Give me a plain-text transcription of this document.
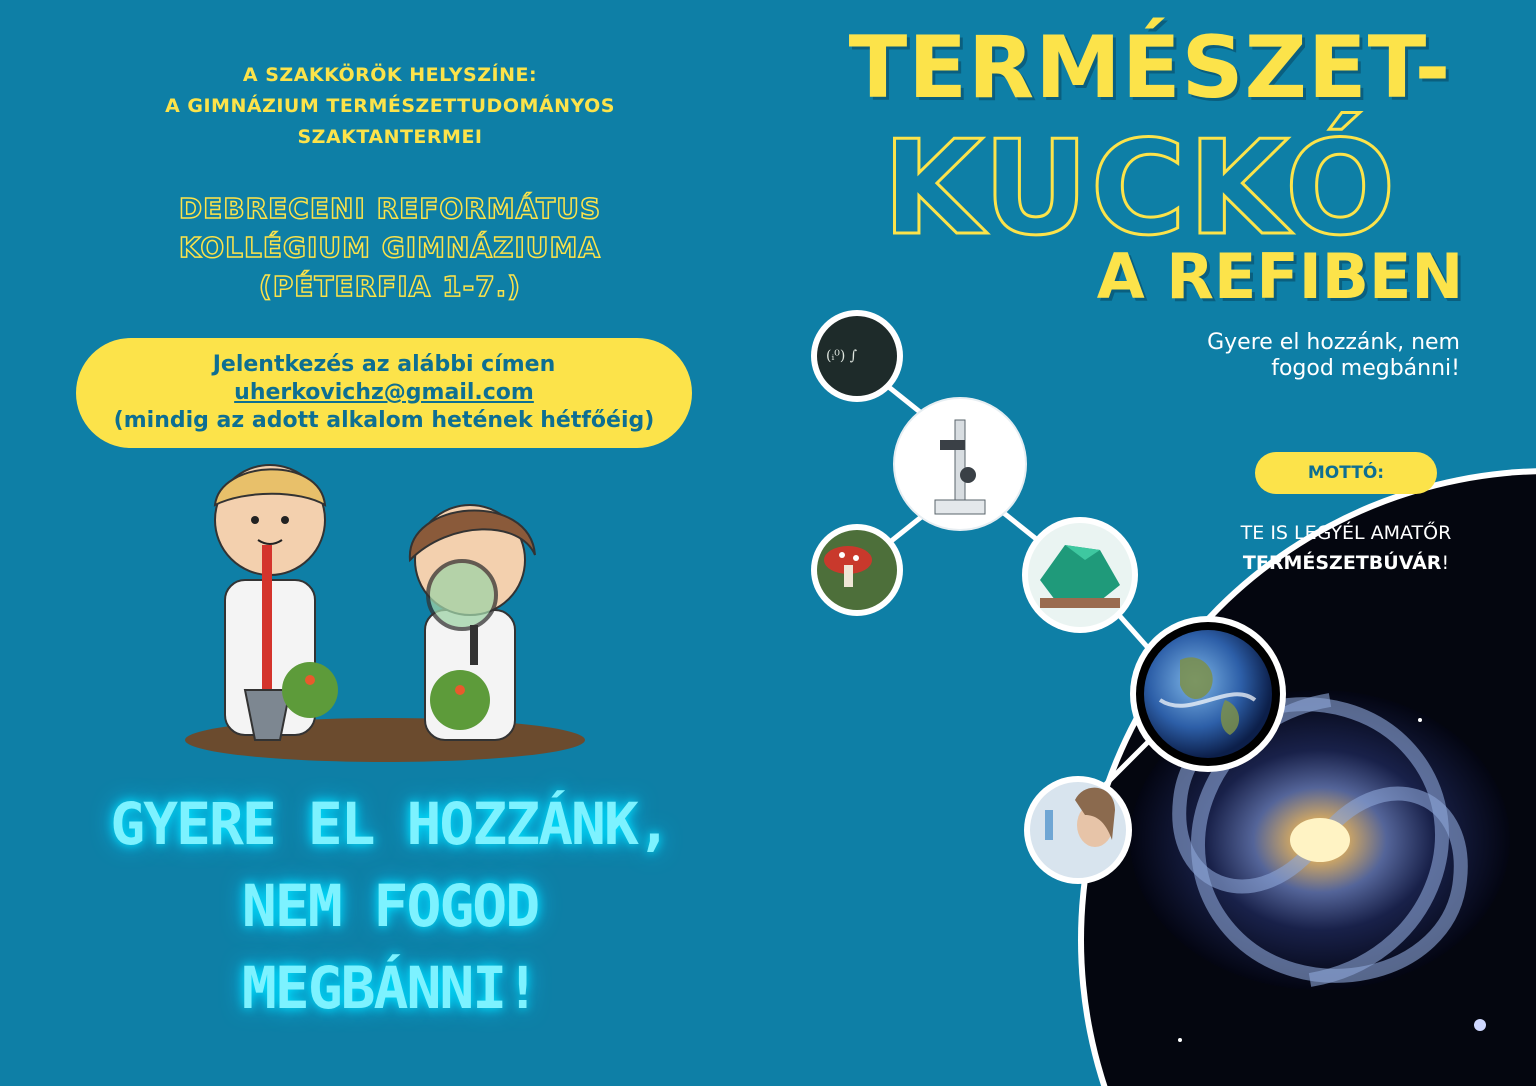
(ᵢ⁰) ∫
A SZAKKÖRÖK HELYSZÍNE:
A GIMNÁZIUM TERMÉSZETTUDOMÁNYOS
SZAKTANTERMEI
DEBRECENI REFORMÁTUS
KOLLÉGIUM GIMNÁZIUMA
(PÉTERFIA 1-7.)
Jelentkezés az alábbi címen
uherkovichz@gmail.com
(mindig az adott alkalom hetének hétfőéig)
GYERE EL HOZZÁNK,
NEM FOGOD
MEGBÁNNI!
TERMÉSZET-
KUCKÓ
A REFIBEN
Gyere el hozzánk, nem
fogod megbánni!
MOTTÓ:
TE IS LEGYÉL AMATŐR
TERMÉSZETBÚVÁR!
